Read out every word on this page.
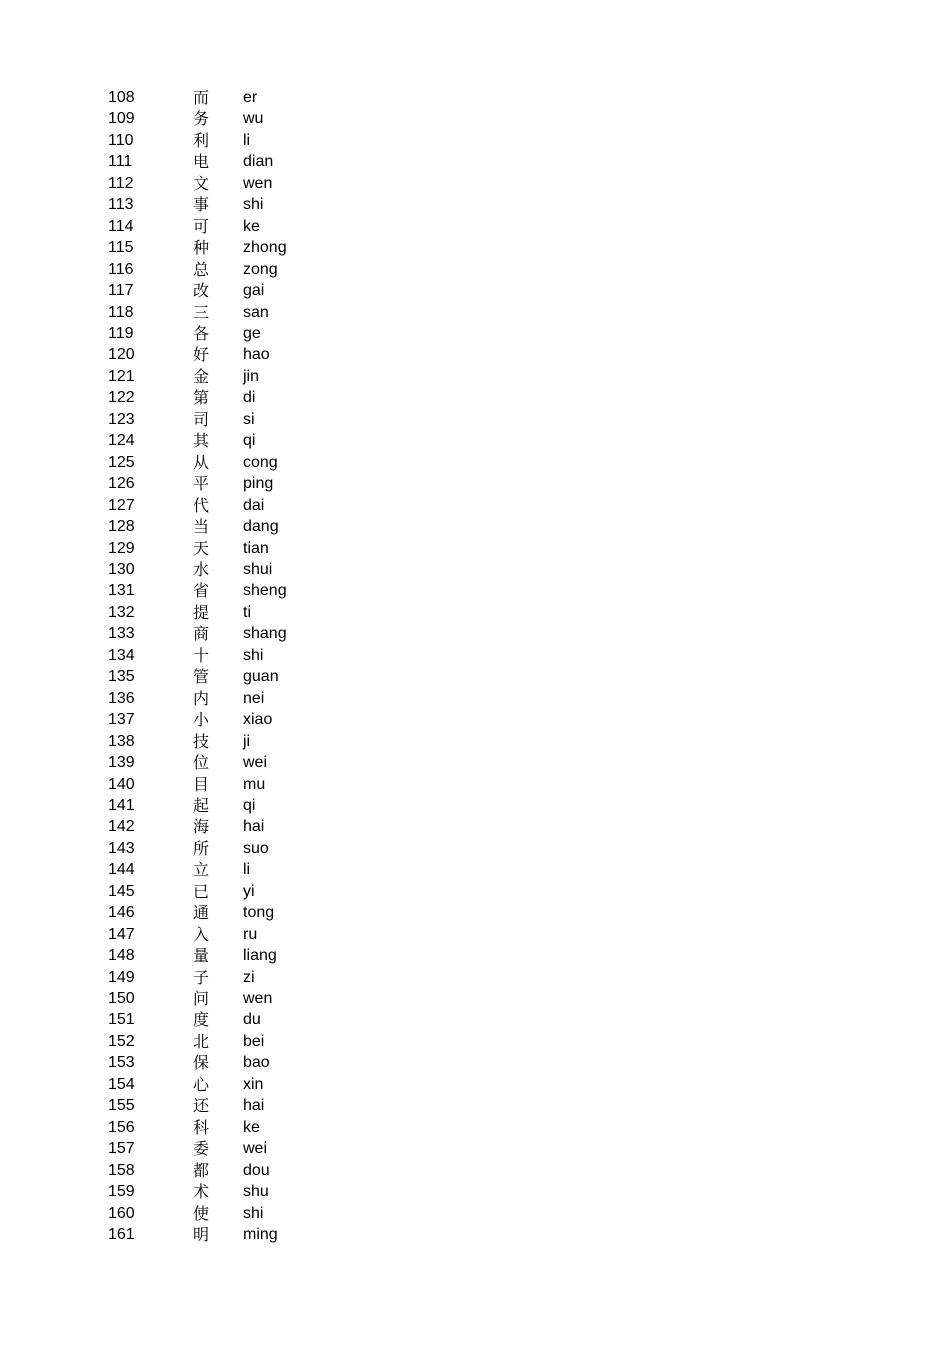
108	而 er
109	务 wu
110	利 li
111	电 dian
112	文 wen
113	事 shi
114	可 ke
115	种 zhong
116	总 zong
117	改 gai
118	三 san
119	各 ge
120	好 hao
121	金 jin
122	第 di
123	司 si
124	其 qi
125	从 cong
126	平 ping
127	代 dai
128	当 dang
129	天 tian
130	水 shui
131	省 sheng
132	提 ti
133	商 shang
134	十 shi
135	管 guan
136	内 nei
137	小 xiao
138	技 ji
139	位 wei
140	目 mu
141	起 qi
142	海 hai
143	所 suo
144	立 li
145	已 yi
146	通 tong
147	入 ru
148	量 liang
149	子 zi
150	问 wen
151	度 du
152	北 bei
153	保 bao
154	心 xin
155	还 hai
156	科 ke
157	委 wei
158	都 dou
159	术 shu
160	使 shi
161	明 ming
